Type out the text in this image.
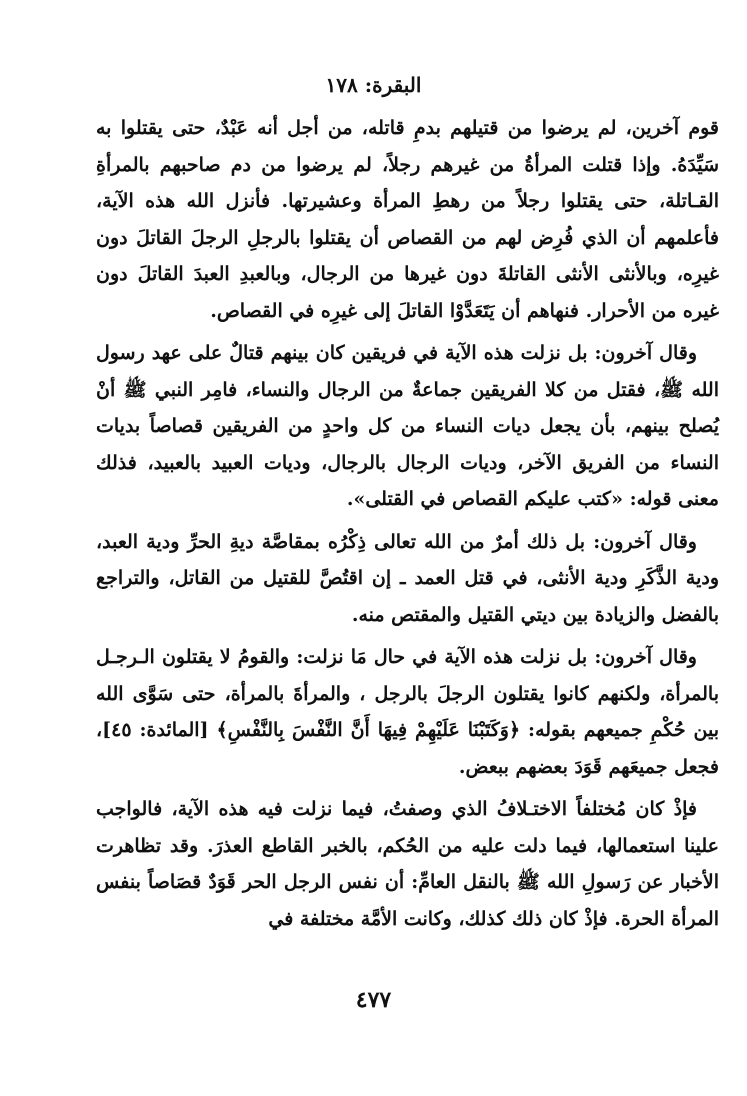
البقرة: ١٧٨

قوم آخرين، لم يرضوا من قتيلهم بدمِ قاتله، من أجل أنه عَبْدٌ، حتى يقتلوا به سَيِّدَهُ. وإذا قتلت المرأةُ من غيرهم رجلاً، لم يرضوا من دم صاحبهم بالمرأةِ القـاتلة، حتى يقتلوا رجلاً من رهطِ المرأة وعشيرتها. فأنزل الله هذه الآية، فأعلمهم أن الذي فُرِض لهم من القصاص أن يقتلوا بالرجلِ الرجلَ القاتلَ دون غيرِه، وبالأنثى الأنثى القاتلةَ دون غيرها من الرجال، وبالعبدِ العبدَ القاتلَ دون غيره من الأحرار. فنهاهم أن يَتَعَدَّوْا القاتلَ إلى غيرِه في القصاص.

وقال آخرون: بل نزلت هذه الآية في فريقين كان بينهم قتالٌ على عهد رسول الله ﷺ، فقتل من كلا الفريقين جماعةٌ من الرجال والنساء، فامِر النبي ﷺ أنْ يُصلح بينهم، بأن يجعل ديات النساء من كل واحدٍ من الفريقين قصاصاً بديات النساء من الفريق الآخر، وديات الرجال بالرجال، وديات العبيد بالعبيد، فذلك معنى قوله: «كتب عليكم القصاص في القتلى».

وقال آخرون: بل ذلك أمرٌ من الله تعالى ذِكْرُه بمقاصَّة ديةِ الحرِّ ودية العبد، ودية الذَّكَرِ ودية الأنثى، في قتل العمد ـ إن اقتُصَّ للقتيل من القاتل، والتراجع بالفضل والزيادة بين ديتي القتيل والمقتص منه.

وقال آخرون: بل نزلت هذه الآية في حال مَا نزلت: والقومُ لا يقتلون الـرجـل بالمرأة، ولكنهم كانوا يقتلون الرجلَ بالرجل ، والمرأةَ بالمرأة، حتى سَوَّى الله بين حُكْمِ جميعهم بقوله: ﴿وَكَتَبْنَا عَلَيْهِمْ فِيهَا أَنَّ النَّفْسَ بِالنَّفْسِ﴾ [المائدة: ٤٥]، فجعل جميعَهم قَوَدَ بعضهم ببعض.

فإذْ كان مُختلفاً الاختـلافُ الذي وصفتُ، فيما نزلت فيه هذه الآية، فالواجب علينا استعمالها، فيما دلت عليه من الحُكم، بالخبر القاطع العذرَ. وقد تظاهرت الأخبار عن رَسولِ الله ﷺ بالنقل العامِّ: أن نفس الرجل الحر قَوَدٌ قصَاصاً بنفس المرأة الحرة. فإذْ كان ذلك كذلك، وكانت الأمَّة مختلفة في

٤٧٧
